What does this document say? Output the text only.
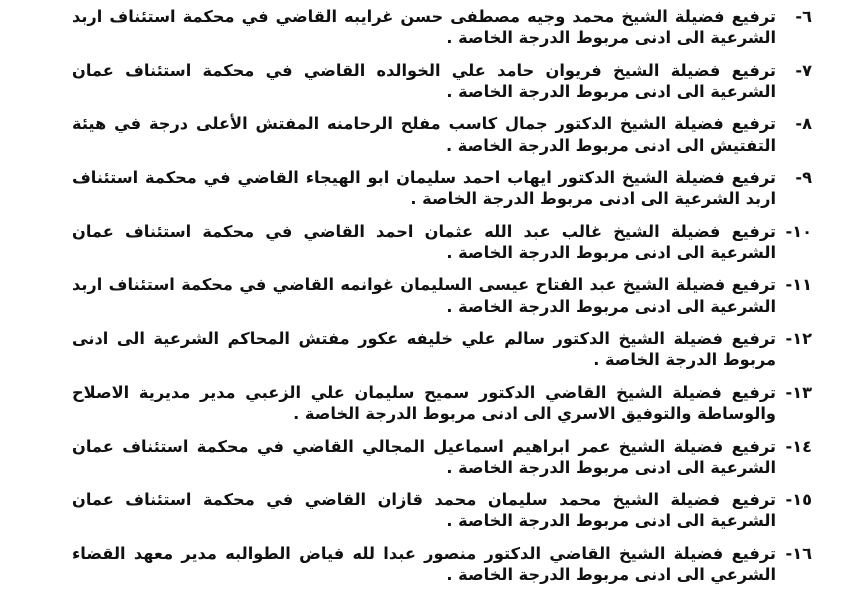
٦-
ترفيع فضيلة الشيخ محمد وجيه مصطفى حسن غرايبه القاضي في محكمة استئناف اربد الشرعية الى ادنى مربوط الدرجة الخاصة .
٧-
ترفيع فضيلة الشيخ فريوان حامد علي الخوالده القاضي في محكمة استئناف عمان الشرعية الى ادنى مربوط الدرجة الخاصة .
٨-
ترفيع فضيلة الشيخ الدكتور جمال كاسب مفلح الرحامنه المفتش الأعلى درجة في هيئة التفتيش الى ادنى مربوط الدرجة الخاصة .
٩-
ترفيع فضيلة الشيخ الدكتور ايهاب احمد سليمان ابو الهيجاء القاضي في محكمة استئناف اربد الشرعية الى ادنى مربوط الدرجة الخاصة .
١٠-
ترفيع فضيلة الشيخ غالب عبد الله عثمان احمد القاضي في محكمة استئناف عمان الشرعية الى ادنى مربوط الدرجة الخاصة .
١١-
ترفيع فضيلة الشيخ عبد الفتاح عيسى السليمان غوانمه القاضي في محكمة استئناف اربد الشرعية الى ادنى مربوط الدرجة الخاصة .
١٢-
ترفيع فضيلة الشيخ الدكتور سالم علي خليفه عكور مفتش المحاكم الشرعية الى ادنى مربوط الدرجة الخاصة .
١٣-
ترفيع فضيلة الشيخ القاضي الدكتور سميح سليمان علي الزعبي مدير مديرية الاصلاح والوساطة والتوفيق الاسري الى ادنى مربوط الدرجة الخاصة .
١٤-
ترفيع فضيلة الشيخ عمر ابراهيم اسماعيل المجالي القاضي في محكمة استئناف عمان الشرعية الى ادنى مربوط الدرجة الخاصة .
١٥-
ترفيع فضيلة الشيخ محمد سليمان محمد قازان القاضي في محكمة استئناف عمان الشرعية الى ادنى مربوط الدرجة الخاصة .
١٦-
ترفيع فضيلة الشيخ القاضي الدكتور منصور عبدا لله فياض الطوالبه مدير معهد القضاء الشرعي الى ادنى مربوط الدرجة الخاصة .
